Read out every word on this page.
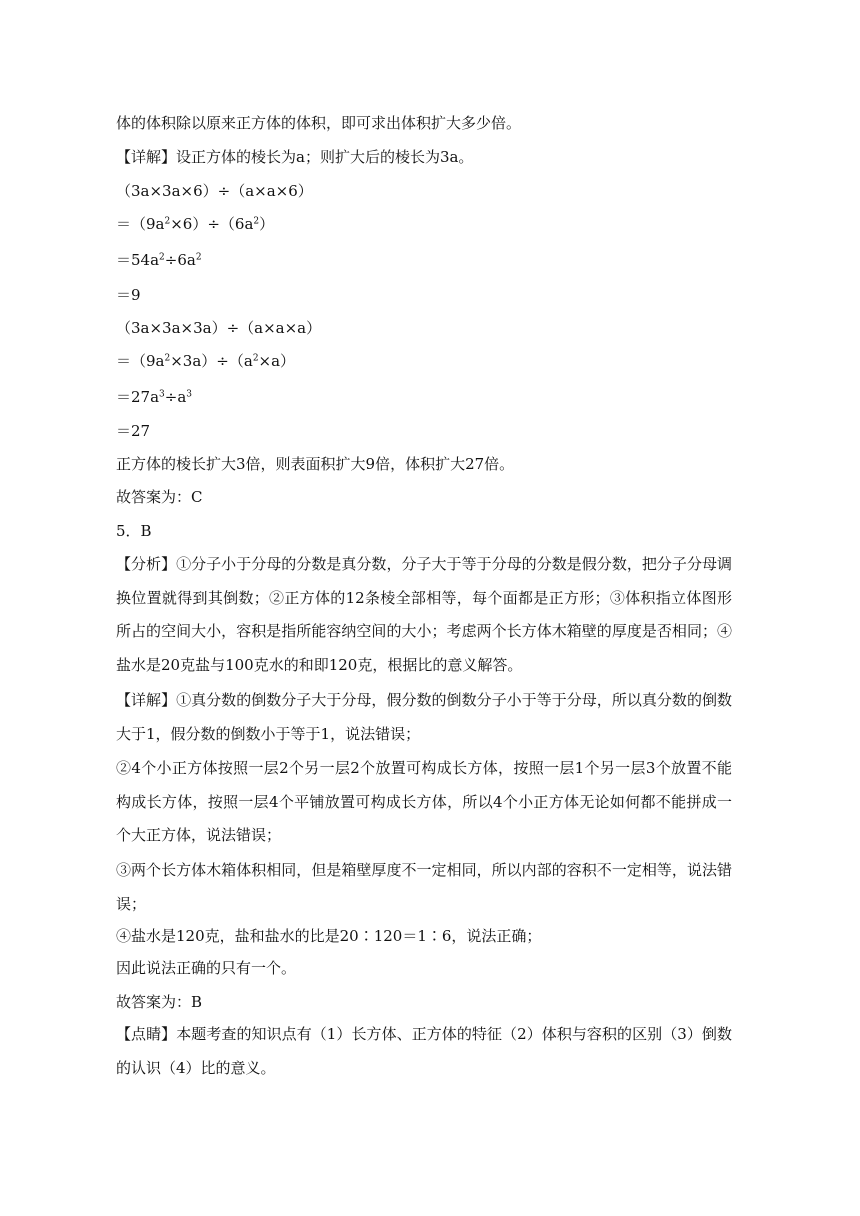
体的体积除以原来正方体的体积，即可求出体积扩大多少倍。

【详解】设正方体的棱长为a；则扩大后的棱长为3a。

（3a×3a×6）÷（a×a×6）

$=(9a^2\times 6)\div(6a^2)$

$=54a^2\div 6a^2$

＝9

（3a×3a×3a）÷（a×a×a）

$=(9a^2\times 3a)\div(a^2\times a)$

$=27a^3\div a^3$

＝27

正方体的棱长扩大3倍，则表面积扩大9倍，体积扩大27倍。

故答案为：C

5．B

【分析】①分子小于分母的分数是真分数，分子大于等于分母的分数是假分数，把分子分母调换位置就得到其倒数；②正方体的12条棱全部相等，每个面都是正方形；③体积指立体图形所占的空间大小，容积是指所能容纳空间的大小；考虑两个长方体木箱壁的厚度是否相同；④盐水是20克盐与100克水的和即120克，根据比的意义解答。

【详解】①真分数的倒数分子大于分母，假分数的倒数分子小于等于分母，所以真分数的倒数大于1，假分数的倒数小于等于1，说法错误；

②4个小正方体按照一层2个另一层2个放置可构成长方体，按照一层1个另一层3个放置不能构成长方体，按照一层4个平铺放置可构成长方体，所以4个小正方体无论如何都不能拼成一个大正方体，说法错误；

③两个长方体木箱体积相同，但是箱壁厚度不一定相同，所以内部的容积不一定相等，说法错误；

④盐水是120克，盐和盐水的比是20∶120＝1∶6，说法正确；

因此说法正确的只有一个。

故答案为：B

【点睛】本题考查的知识点有（1）长方体、正方体的特征（2）体积与容积的区别（3）倒数的认识（4）比的意义。
